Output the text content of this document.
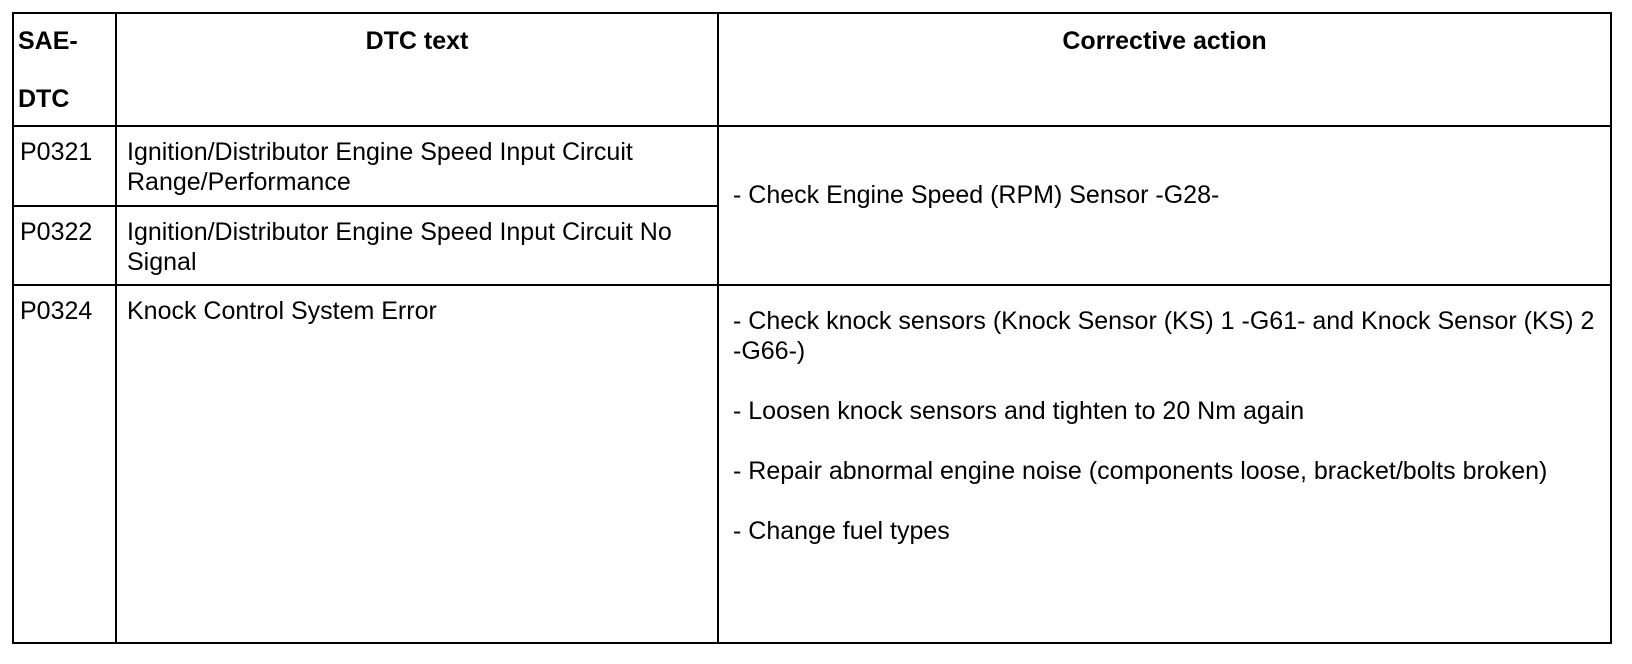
SAE-
DTC	DTC text	Corrective action
P0321	Ignition/Distributor Engine Speed Input Circuit Range/Performance	- Check Engine Speed (RPM) Sensor -G28-

P0322	Ignition/Distributor Engine Speed Input Circuit No Signal	
P0324	Knock Control System Error	- Check knock sensors (Knock Sensor (KS) 1 -G61- and Knock Sensor (KS) 2 -G66-)
- Loosen knock sensors and tighten to 20 Nm again
- Repair abnormal engine noise (components loose, bracket/bolts broken)
- Change fuel types
